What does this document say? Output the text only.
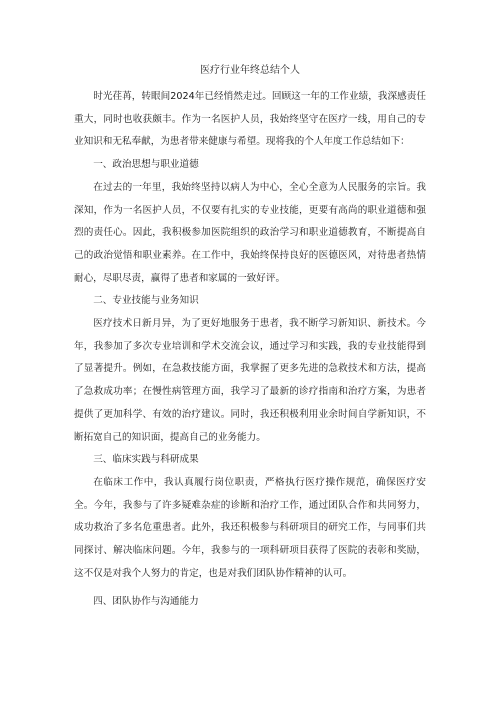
医疗行业年终总结个人

时光荏苒，转眼间2024年已经悄然走过。回顾这一年的工作业绩，我深感责任重大，同时也收获颇丰。作为一名医护人员，我始终坚守在医疗一线，用自己的专业知识和无私奉献，为患者带来健康与希望。现将我的个人年度工作总结如下：

一、政治思想与职业道德

在过去的一年里，我始终坚持以病人为中心，全心全意为人民服务的宗旨。我深知，作为一名医护人员，不仅要有扎实的专业技能，更要有高尚的职业道德和强烈的责任心。因此，我积极参加医院组织的政治学习和职业道德教育，不断提高自己的政治觉悟和职业素养。在工作中，我始终保持良好的医德医风，对待患者热情耐心，尽职尽责，赢得了患者和家属的一致好评。

二、专业技能与业务知识

医疗技术日新月异，为了更好地服务于患者，我不断学习新知识、新技术。今年，我参加了多次专业培训和学术交流会议，通过学习和实践，我的专业技能得到了显著提升。例如，在急救技能方面，我掌握了更多先进的急救技术和方法，提高了急救成功率；在慢性病管理方面，我学习了最新的诊疗指南和治疗方案，为患者提供了更加科学、有效的治疗建议。同时，我还积极利用业余时间自学新知识，不断拓宽自己的知识面，提高自己的业务能力。

三、临床实践与科研成果

在临床工作中，我认真履行岗位职责，严格执行医疗操作规范，确保医疗安全。今年，我参与了许多疑难杂症的诊断和治疗工作，通过团队合作和共同努力，成功救治了多名危重患者。此外，我还积极参与科研项目的研究工作，与同事们共同探讨、解决临床问题。今年，我参与的一项科研项目获得了医院的表彰和奖励，这不仅是对我个人努力的肯定，也是对我们团队协作精神的认可。

四、团队协作与沟通能力
